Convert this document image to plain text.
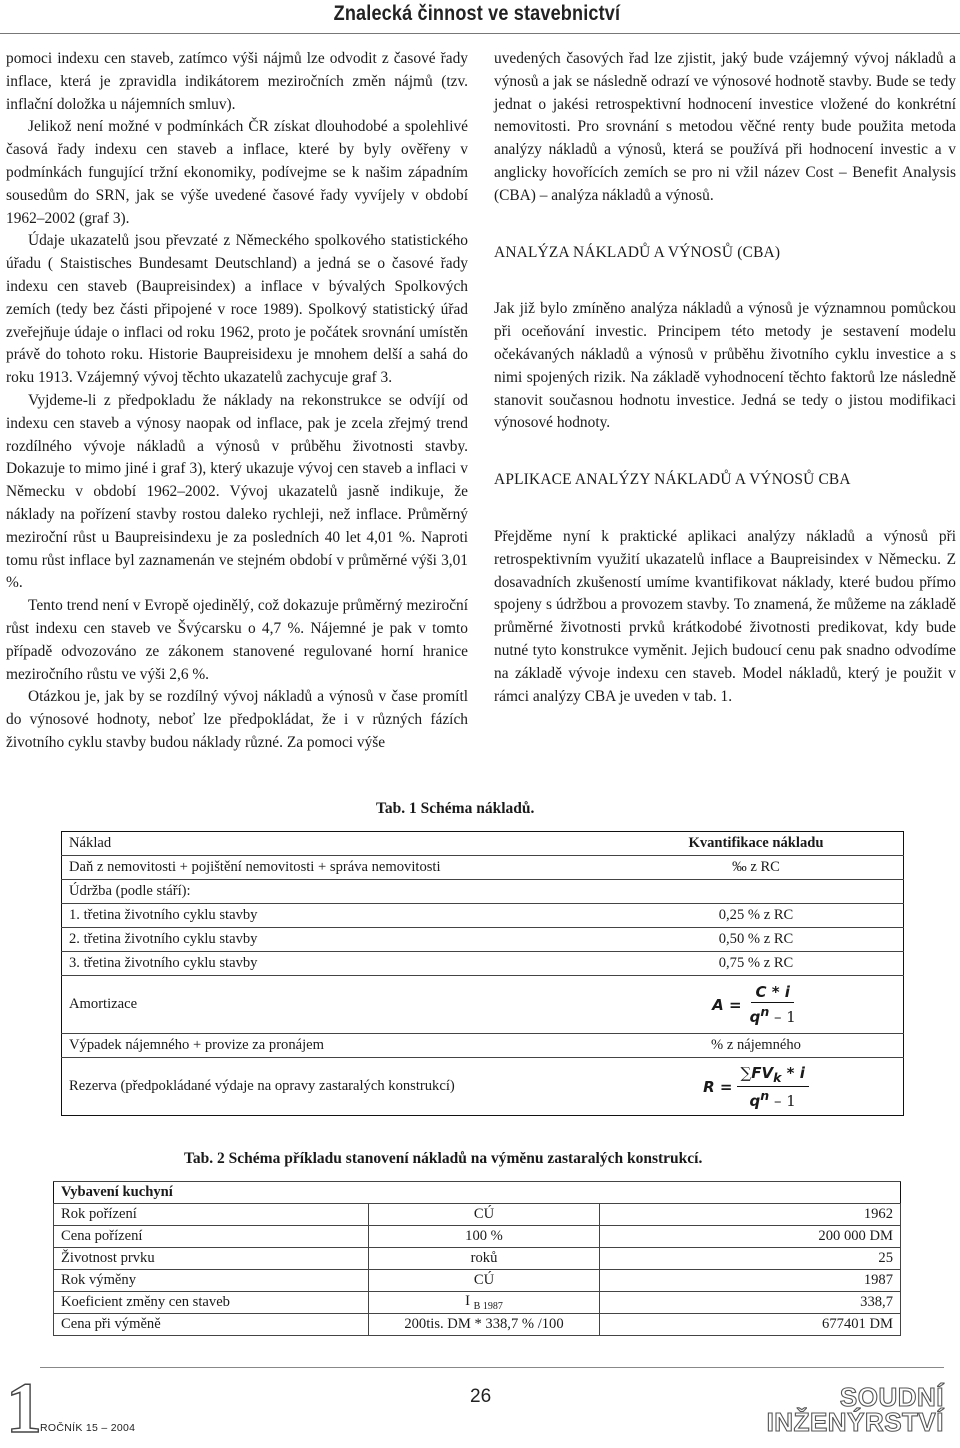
Znalecká činnost ve stavebnictví

pomoci indexu cen staveb, zatímco výši nájmů lze odvodit z časové řady inflace, která je zpravidla indikátorem meziročních změn nájmů (tzv. inflační doložka u nájemních smluv).

Jelikož není možné v podmínkách ČR získat dlouhodobé a spolehlivé časová řady indexu cen staveb a inflace, které by byly ověřeny v podmínkách fungující tržní ekonomiky, podívejme se k našim západním sousedům do SRN, jak se výše uvedené časové řady vyvíjely v období 1962–2002 (graf 3).

Údaje ukazatelů jsou převzaté z Německého spolkového statistického úřadu ( Staistisches Bundesamt Deutschland) a jedná se o časové řady indexu cen staveb (Baupreisindex) a inflace v bývalých Spolkových zemích (tedy bez části připojené v roce 1989). Spolkový statistický úřad zveřejňuje údaje o inflaci od roku 1962, proto je počátek srovnání umístěn právě do tohoto roku. Historie Baupreisidexu je mnohem delší a sahá do roku 1913. Vzájemný vývoj těchto ukazatelů zachycuje graf 3.

Vyjdeme-li z předpokladu že náklady na rekonstrukce se odvíjí od indexu cen staveb a výnosy naopak od inflace, pak je zcela zřejmý trend rozdílného vývoje nákladů a výnosů v průběhu životnosti stavby. Dokazuje to mimo jiné i graf 3), který ukazuje vývoj cen staveb a inflaci v Německu v období 1962–2002. Vývoj ukazatelů jasně indikuje, že náklady na pořízení stavby rostou daleko rychleji, než inflace. Průměrný meziroční růst u Baupreisindexu je za posledních 40 let 4,01 %. Naproti tomu růst inflace byl zaznamenán ve stejném období v průměrné výši 3,01 %.

Tento trend není v Evropě ojedinělý, což dokazuje průměrný meziroční růst indexu cen staveb ve Švýcarsku o 4,7 %. Nájemné je pak v tomto případě odvozováno ze zákonem stanovené regulované horní hranice meziročního růstu ve výši 2,6 %.

Otázkou je, jak by se rozdílný vývoj nákladů a výnosů v čase promítl do výnosové hodnoty, neboť lze předpokládat, že i v různých fázích životního cyklu stavby budou náklady různé. Za pomoci výše

uvedených časových řad lze zjistit, jaký bude vzájemný vývoj nákladů a výnosů a jak se následně odrazí ve výnosové hodnotě stavby. Bude se tedy jednat o jakési retrospektivní hodnocení investice vložené do konkrétní nemovitosti. Pro srovnání s metodou věčné renty bude použita metoda analýzy nákladů a výnosů, která se používá při hodnocení investic a v anglicky hovořících zemích se pro ni vžil název Cost – Benefit Analysis (CBA) – analýza nákladů a výnosů.

ANALÝZA NÁKLADŮ A VÝNOSŮ (CBA)

Jak již bylo zmíněno analýza nákladů a výnosů je významnou pomůckou při oceňování investic. Principem této metody je sestavení modelu očekávaných nákladů a výnosů v průběhu životního cyklu investice a s nimi spojených rizik. Na základě vyhodnocení těchto faktorů lze následně stanovit současnou hodnotu investice. Jedná se tedy o jistou modifikaci výnosové hodnoty.

APLIKACE ANALÝZY NÁKLADŮ A VÝNOSŮ CBA

Přejděme nyní k praktické aplikaci analýzy nákladů a výnosů při retrospektivním využití ukazatelů inflace a Baupreisindex v Německu. Z dosavadních zkušeností umíme kvantifikovat náklady, které budou přímo spojeny s údržbou a provozem stavby. To znamená, že můžeme na základě průměrné životnosti prvků krátkodobé životnosti predikovat, kdy bude nutné tyto konstrukce vyměnit. Jejich budoucí cenu pak snadno odvodíme na základě vývoje indexu cen staveb. Model nákladů, který je použit v rámci analýzy CBA je uveden v tab. 1.

Tab. 1 Schéma nákladů.
Náklad	Kvantifikace nákladu
Daň z nemovitosti + pojištění nemovitosti + správa nemovitosti	‰ z RC
Údržba (podle stáří):	
1. třetina životního cyklu stavby	0,25 % z RC
2. třetina životního cyklu stavby	0,50 % z RC
3. třetina životního cyklu stavby	0,75 % z RC
Amortizace	$A = \frac{C * i}{q^n - 1}$

Výpadek nájemného + provize za pronájem	% z nájemného
Rezerva (předpokládané výdaje na opravy zastaralých konstrukcí)	$R = \frac{\sum FV_k * i}{q^n - 1}$
Tab. 2 Schéma příkladu stanovení nákladů na výměnu zastaralých konstrukcí.
Vybavení kuchyní		
Rok pořízení	CÚ	1962
Cena pořízení	100 %	200 000 DM
Životnost prvku	roků	25
Rok výměny	CÚ	1987
Koeficient změny cen staveb	I $_{B 1987}$	338,7
Cena při výměně	200tis. DM * 338,7 % /100	677401 DM
1
ROČNÍK 15 – 2004
26	SOUDNÍ
INŽENÝRSTVÍ
